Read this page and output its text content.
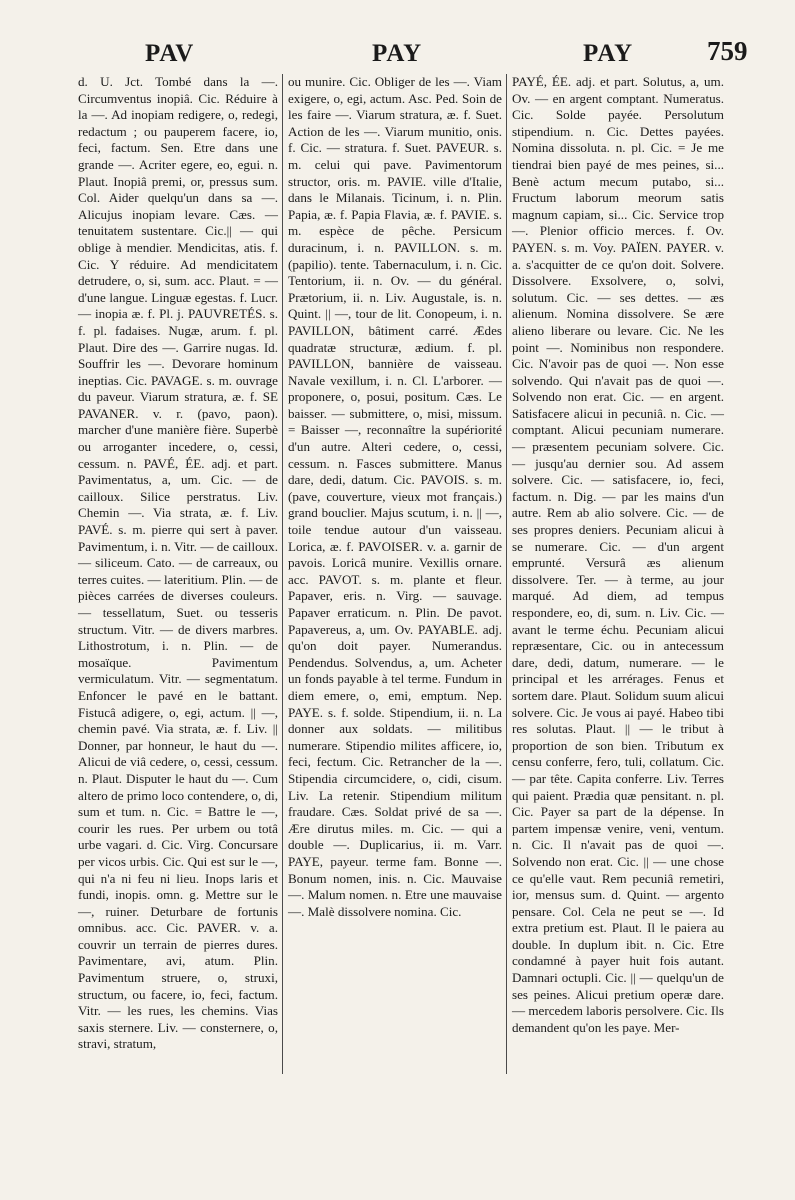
PAV	PAY	PAY	759

d. U. Jct. Tombé dans la —. Circumventus inopiâ. Cic. Réduire à la —. Ad inopiam redigere, o, redegi, redactum ; ou pauperem facere, io, feci, factum. Sen. Etre dans une grande —. Acriter egere, eo, egui. n. Plaut. Inopiâ premi, or, pressus sum. Col. Aider quelqu'un dans sa —. Alicujus inopiam levare. Cæs. — tenuitatem sustentare. Cic.|| — qui oblige à mendier. Mendicitas, atis. f. Cic. Y réduire. Ad mendicitatem detrudere, o, si, sum. acc. Plaut. = — d'une langue. Linguæ egestas. f. Lucr. — inopia æ. f. Pl. j. PAUVRETÉS. s. f. pl. fadaises. Nugæ, arum. f. pl. Plaut. Dire des —. Garrire nugas. Id. Souffrir les —. Devorare hominum ineptias. Cic. PAVAGE. s. m. ouvrage du paveur. Viarum stratura, æ. f. SE PAVANER. v. r. (pavo, paon). marcher d'une manière fière. Superbè ou arroganter incedere, o, cessi, cessum. n. PAVÉ, ÉE. adj. et part. Pavimentatus, a, um. Cic. — de cailloux. Silice perstratus. Liv. Chemin —. Via strata, æ. f. Liv. PAVÉ. s. m. pierre qui sert à paver. Pavimentum, i. n. Vitr. — de cailloux. — siliceum. Cato. — de carreaux, ou terres cuites. — lateritium. Plin. — de pièces carrées de diverses couleurs. — tessellatum, Suet. ou tesseris structum. Vitr. — de divers marbres. Lithostrotum, i. n. Plin. — de mosaïque. Pavimentum vermiculatum. Vitr. — segmentatum. Enfoncer le pavé en le battant. Fistucâ adigere, o, egi, actum. || —, chemin pavé. Via strata, æ. f. Liv. || Donner, par honneur, le haut du —. Alicui de viâ cedere, o, cessi, cessum. n. Plaut. Disputer le haut du —. Cum altero de primo loco contendere, o, di, sum et tum. n. Cic. = Battre le —, courir les rues. Per urbem ou totâ urbe vagari. d. Cic. Virg. Concursare per vicos urbis. Cic. Qui est sur le —, qui n'a ni feu ni lieu. Inops laris et fundi, inopis. omn. g. Mettre sur le —, ruiner. Deturbare de fortunis omnibus. acc. Cic. PAVER. v. a. couvrir un terrain de pierres dures. Pavimentare, avi, atum. Plin. Pavimentum struere, o, struxi, structum, ou facere, io, feci, factum. Vitr. — les rues, les chemins. Vias saxis sternere. Liv. — consternere, o, stravi, stratum,

ou munire. Cic. Obliger de les —. Viam exigere, o, egi, actum. Asc. Ped. Soin de les faire —. Viarum stratura, æ. f. Suet. Action de les —. Viarum munitio, onis. f. Cic. — stratura. f. Suet. PAVEUR. s. m. celui qui pave. Pavimentorum structor, oris. m. PAVIE. ville d'Italie, dans le Milanais. Ticinum, i. n. Plin. Papia, æ. f. Papia Flavia, æ. f. PAVIE. s. m. espèce de pêche. Persicum duracinum, i. n. PAVILLON. s. m. (papilio). tente. Tabernaculum, i. n. Cic. Tentorium, ii. n. Ov. — du général. Prætorium, ii. n. Liv. Augustale, is. n. Quint. || —, tour de lit. Conopeum, i. n. PAVILLON, bâtiment carré. Ædes quadratæ structuræ, ædium. f. pl. PAVILLON, bannière de vaisseau. Navale vexillum, i. n. Cl. L'arborer. — proponere, o, posui, positum. Cæs. Le baisser. — submittere, o, misi, missum. = Baisser —, reconnaître la supériorité d'un autre. Alteri cedere, o, cessi, cessum. n. Fasces submittere. Manus dare, dedi, datum. Cic. PAVOIS. s. m. (pave, couverture, vieux mot français.) grand bouclier. Majus scutum, i. n. || —, toile tendue autour d'un vaisseau. Lorica, æ. f. PAVOISER. v. a. garnir de pavois. Loricâ munire. Vexillis ornare. acc. PAVOT. s. m. plante et fleur. Papaver, eris. n. Virg. — sauvage. Papaver erraticum. n. Plin. De pavot. Papavereus, a, um. Ov. PAYABLE. adj. qu'on doit payer. Numerandus. Pendendus. Solvendus, a, um. Acheter un fonds payable à tel terme. Fundum in diem emere, o, emi, emptum. Nep. PAYE. s. f. solde. Stipendium, ii. n. La donner aux soldats. — militibus numerare. Stipendio milites afficere, io, feci, fectum. Cic. Retrancher de la —. Stipendia circumcidere, o, cidi, cisum. Liv. La retenir. Stipendium militum fraudare. Cæs. Soldat privé de sa —. Ære dirutus miles. m. Cic. — qui a double —. Duplicarius, ii. m. Varr. PAYE, payeur. terme fam. Bonne —. Bonum nomen, inis. n. Cic. Mauvaise —. Malum nomen. n. Etre une mauvaise —. Malè dissolvere nomina. Cic.

PAYÉ, ÉE. adj. et part. Solutus, a, um. Ov. — en argent comptant. Numeratus. Cic. Solde payée. Persolutum stipendium. n. Cic. Dettes payées. Nomina dissoluta. n. pl. Cic. = Je me tiendrai bien payé de mes peines, si... Benè actum mecum putabo, si... Fructum laborum meorum satis magnum capiam, si... Cic. Service trop —. Plenior officio merces. f. Ov. PAYEN. s. m. Voy. PAÏEN. PAYER. v. a. s'acquitter de ce qu'on doit. Solvere. Dissolvere. Exsolvere, o, solvi, solutum. Cic. — ses dettes. — æs alienum. Nomina dissolvere. Se ære alieno liberare ou levare. Cic. Ne les point —. Nominibus non respondere. Cic. N'avoir pas de quoi —. Non esse solvendo. Qui n'avait pas de quoi —. Solvendo non erat. Cic. — en argent. Satisfacere alicui in pecuniâ. n. Cic. — comptant. Alicui pecuniam numerare. — præsentem pecuniam solvere. Cic. — jusqu'au dernier sou. Ad assem solvere. Cic. — satisfacere, io, feci, factum. n. Dig. — par les mains d'un autre. Rem ab alio solvere. Cic. — de ses propres deniers. Pecuniam alicui à se numerare. Cic. — d'un argent emprunté. Versurâ æs alienum dissolvere. Ter. — à terme, au jour marqué. Ad diem, ad tempus respondere, eo, di, sum. n. Liv. Cic. — avant le terme échu. Pecuniam alicui repræsentare, Cic. ou in antecessum dare, dedi, datum, numerare. — le principal et les arrérages. Fenus et sortem dare. Plaut. Solidum suum alicui solvere. Cic. Je vous ai payé. Habeo tibi res solutas. Plaut. || — le tribut à proportion de son bien. Tributum ex censu conferre, fero, tuli, collatum. Cic. — par tête. Capita conferre. Liv. Terres qui paient. Prædia quæ pensitant. n. pl. Cic. Payer sa part de la dépense. In partem impensæ venire, veni, ventum. n. Cic. Il n'avait pas de quoi —. Solvendo non erat. Cic. || — une chose ce qu'elle vaut. Rem pecuniâ remetiri, ior, mensus sum. d. Quint. — argento pensare. Col. Cela ne peut se —. Id extra pretium est. Plaut. Il le paiera au double. In duplum ibit. n. Cic. Etre condamné à payer huit fois autant. Damnari octupli. Cic. || — quelqu'un de ses peines. Alicui pretium operæ dare. — mercedem laboris persolvere. Cic. Ils demandent qu'on les paye. Mer-
